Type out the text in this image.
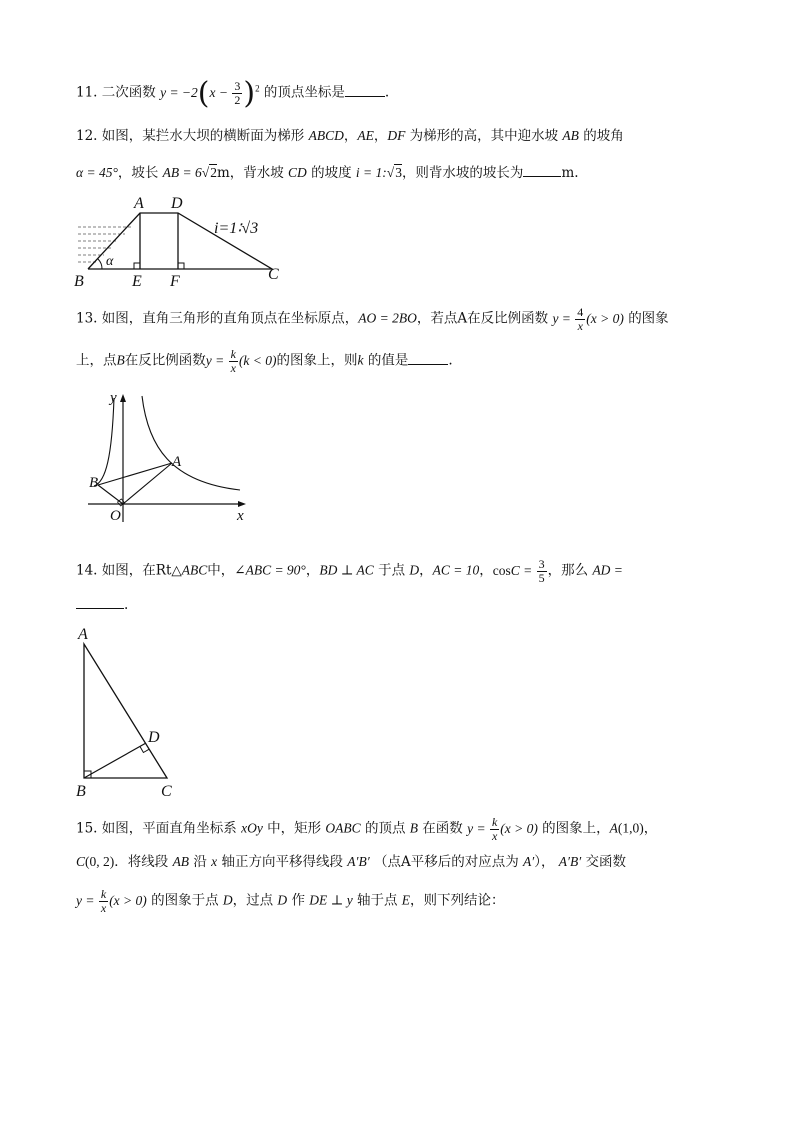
11. 二次函数 $y = -2(x - \frac{3}{2} )^2$ 的顶点坐标是	.
12. 如图，某拦水大坝的横断面为梯形 ABCD，AE，DF 为梯形的高，其中迎水坡 AB 的坡角
α = 45°，坡长 AB = 6√2m，背水坡 CD 的坡度 i = 1:√3，则背水坡的坡长为	m.
A D
B	E F	C
α
i=1∶√3
13. 如图，直角三角形的直角顶点在坐标原点，AO = 2BO，若点A在反比例函数 $y = \frac{4}{x} (x > 0)$ 的图象
上，点B在反比例函数$y = \frac{k}{x} (k < 0)$的图象上，则k 的值是	.
y
x
O
A
B
14. 如图，在Rt△ABC中，∠ABC = 90°，BD ⊥ AC 于点 D，AC = 10，$\cos C = \frac{3}{5}$ ，那么 AD =
.
A
B	C
D
15. 如图，平面直角坐标系 xOy 中，矩形 OABC 的顶点 B 在函数 $y = \frac{k}{x} (x > 0)$ 的图象上，A(1,0)，
C(0, 2)．将线段 AB 沿 x 轴正方向平移得线段 A′B′ （点A平移后的对应点为 A′）， A′B′ 交函数
$y = \frac{k}{x} (x > 0)$ 的图象于点 D，过点 D 作 DE ⊥ y 轴于点 E，则下列结论：
